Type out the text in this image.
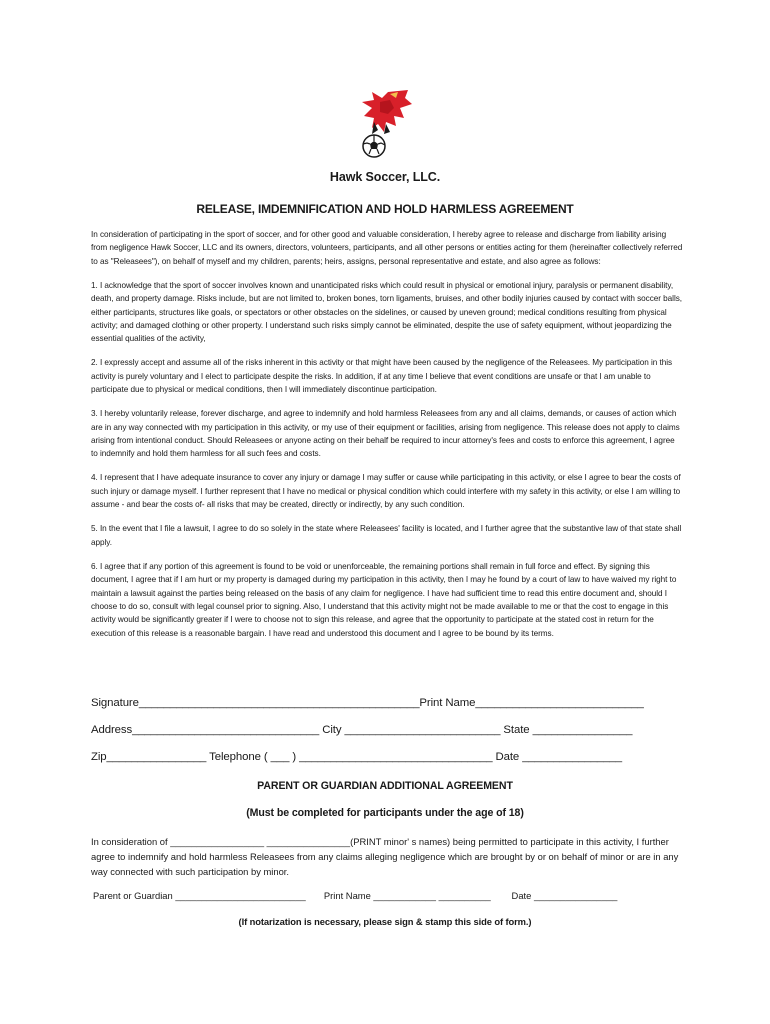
Hawk Soccer, LLC.
RELEASE, IMDEMNIFICATION AND HOLD HARMLESS AGREEMENT

In consideration of participating in the sport of soccer, and for other good and valuable consideration, I hereby agree to release and discharge from liability arising from negligence Hawk Soccer, LLC and its owners, directors, volunteers, participants, and all other persons or entities acting for them (hereinafter collectively referred to as "Releasees"), on behalf of myself and my children, parents; heirs, assigns, personal representative and estate, and also agree as follows:

1. I acknowledge that the sport of soccer involves known and unanticipated risks which could result in physical or emotional injury, paralysis or permanent disability, death, and property damage. Risks include, but are not limited to, broken bones, torn ligaments, bruises, and other bodily injuries caused by contact with soccer balls, either participants, structures like goals, or spectators or other obstacles on the sidelines, or caused by uneven ground; medical conditions resulting from physical activity; and damaged clothing or other property. I understand such risks simply cannot be eliminated, despite the use of safety equipment, without jeopardizing the essential qualities of the activity,

2. I expressly accept and assume all of the risks inherent in this activity or that might have been caused by the negligence of the Releasees. My participation in this activity is purely voluntary and I elect to participate despite the risks. In addition, if at any time I believe that event conditions are unsafe or that I am unable to participate due to physical or medical conditions, then I will immediately discontinue participation.

3. I hereby voluntarily release, forever discharge, and agree to indemnify and hold harmless Releasees from any and all claims, demands, or causes of action which are in any way connected with my participation in this activity, or my use of their equipment or facilities, arising from negligence. This release does not apply to claims arising from intentional conduct. Should Releasees or anyone acting on their behalf be required to incur attorney's fees and costs to enforce this agreement, I agree to indemnify and hold them harmless for all such fees and costs.

4. I represent that I have adequate insurance to cover any injury or damage I may suffer or cause while participating in this activity, or else I agree to bear the costs of such injury or damage myself. I further represent that I have no medical or physical condition which could interfere with my safety in this activity, or else I am willing to assume - and bear the costs of- all risks that may be created, directly or indirectly, by any such condition.

5. In the event that I file a lawsuit, I agree to do so solely in the state where Releasees' facility is located, and I further agree that the substantive law of that state shall apply.

6. I agree that if any portion of this agreement is found to be void or unenforceable, the remaining portions shall remain in full force and effect. By signing this document, I agree that if I am hurt or my property is damaged during my participation in this activity, then I may he found by a court of law to have waived my right to maintain a lawsuit against the parties being released on the basis of any claim for negligence. I have had sufficient time to read this entire document and, should I choose to do so, consult with legal counsel prior to signing. Also, I understand that this activity might not be made available to me or that the cost to engage in this activity would be significantly greater if I were to choose not to sign this release, and agree that the opportunity to participate at the stated cost in return for the execution of this release is a reasonable bargain. I have read and understood this document and I agree to be bound by its terms.

Signature_____________________________________________Print Name___________________________
Address______________________________ City _________________________ State ________________
Zip________________ Telephone ( ___ ) _______________________________ Date ________________
PARENT OR GUARDIAN ADDITIONAL AGREEMENT
(Must be completed for participants under the age of 18)
In consideration of __________________ ________________(PRINT minor' s names) being permitted to participate in this activity, I further agree to indemnify and hold harmless Releasees from any claims alleging negligence which are brought by or on behalf of minor or are in any way connected with such participation by minor.
Parent or Guardian _________________________       Print Name ____________ __________        Date ________________
(If notarization is necessary, please sign & stamp this side of form.)
